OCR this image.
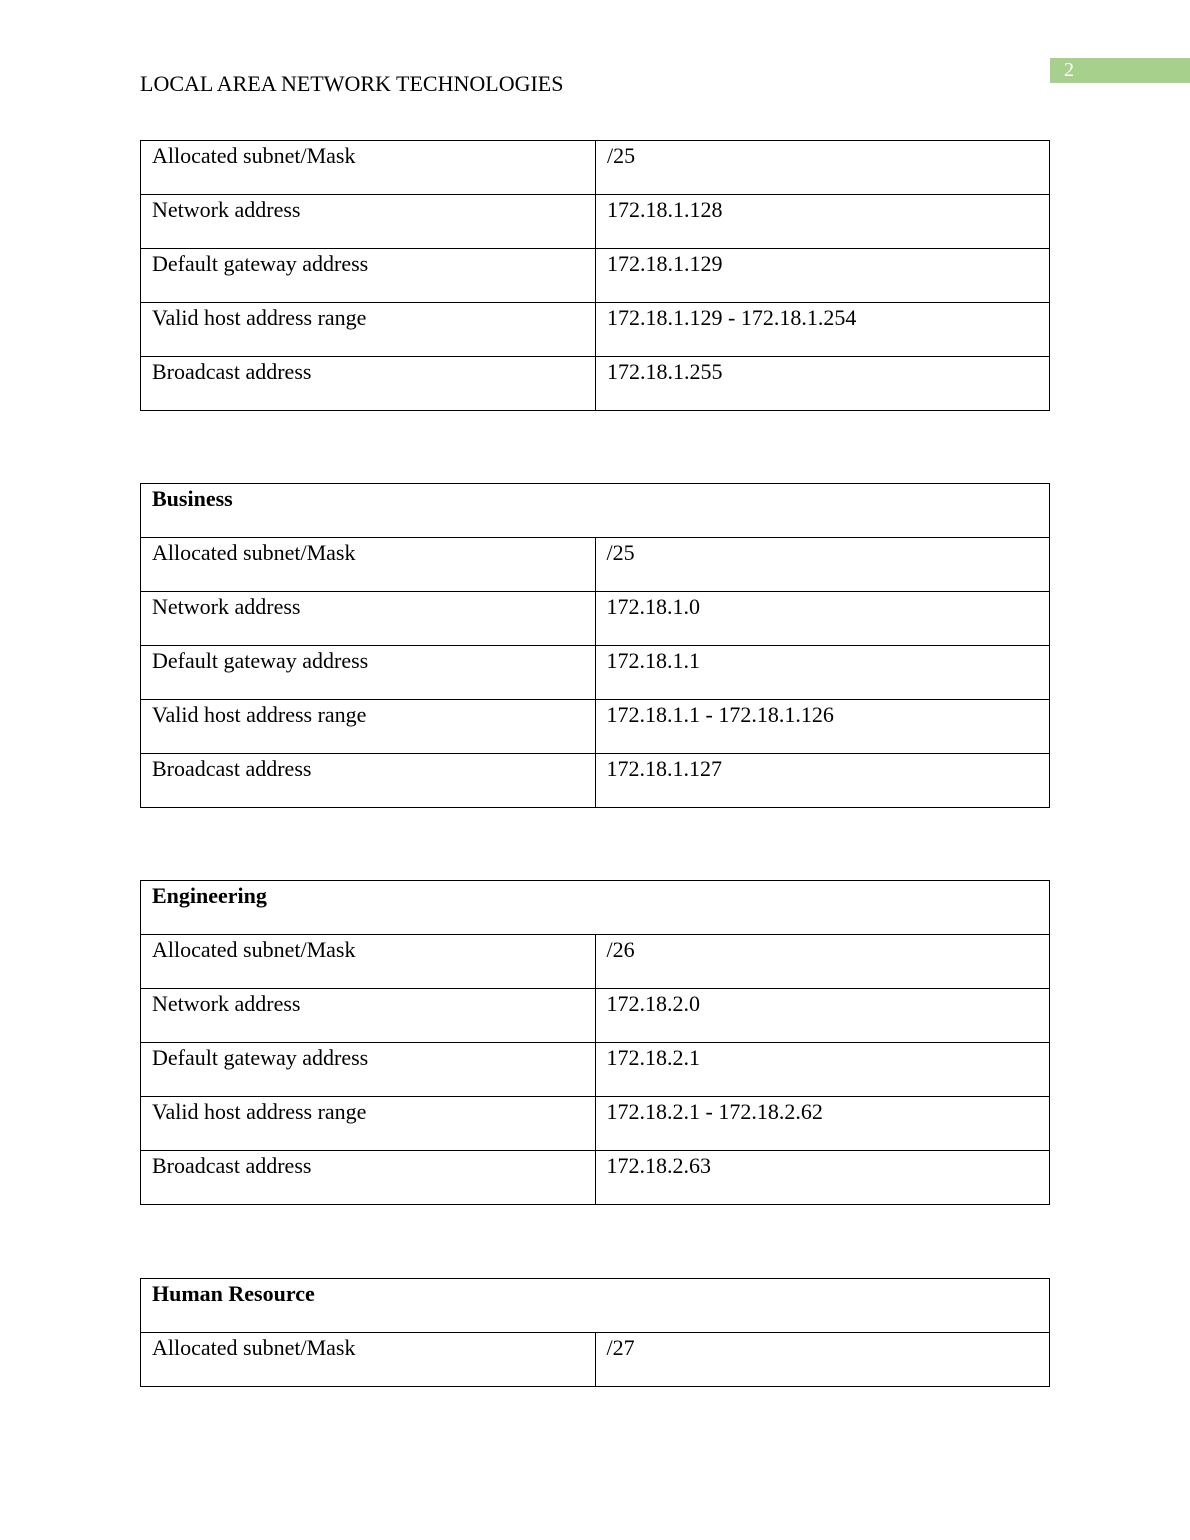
2
LOCAL AREA NETWORK TECHNOLOGIES
Allocated subnet/Mask	/25
Network address	172.18.1.128
Default gateway address	172.18.1.129
Valid host address range	172.18.1.129 - 172.18.1.254
Broadcast address	172.18.1.255
Business	
Allocated subnet/Mask	/25
Network address	172.18.1.0
Default gateway address	172.18.1.1
Valid host address range	172.18.1.1 - 172.18.1.126
Broadcast address	172.18.1.127
Engineering	
Allocated subnet/Mask	/26
Network address	172.18.2.0
Default gateway address	172.18.2.1
Valid host address range	172.18.2.1 - 172.18.2.62
Broadcast address	172.18.2.63
Human Resource
Allocated subnet/Mask	/27
